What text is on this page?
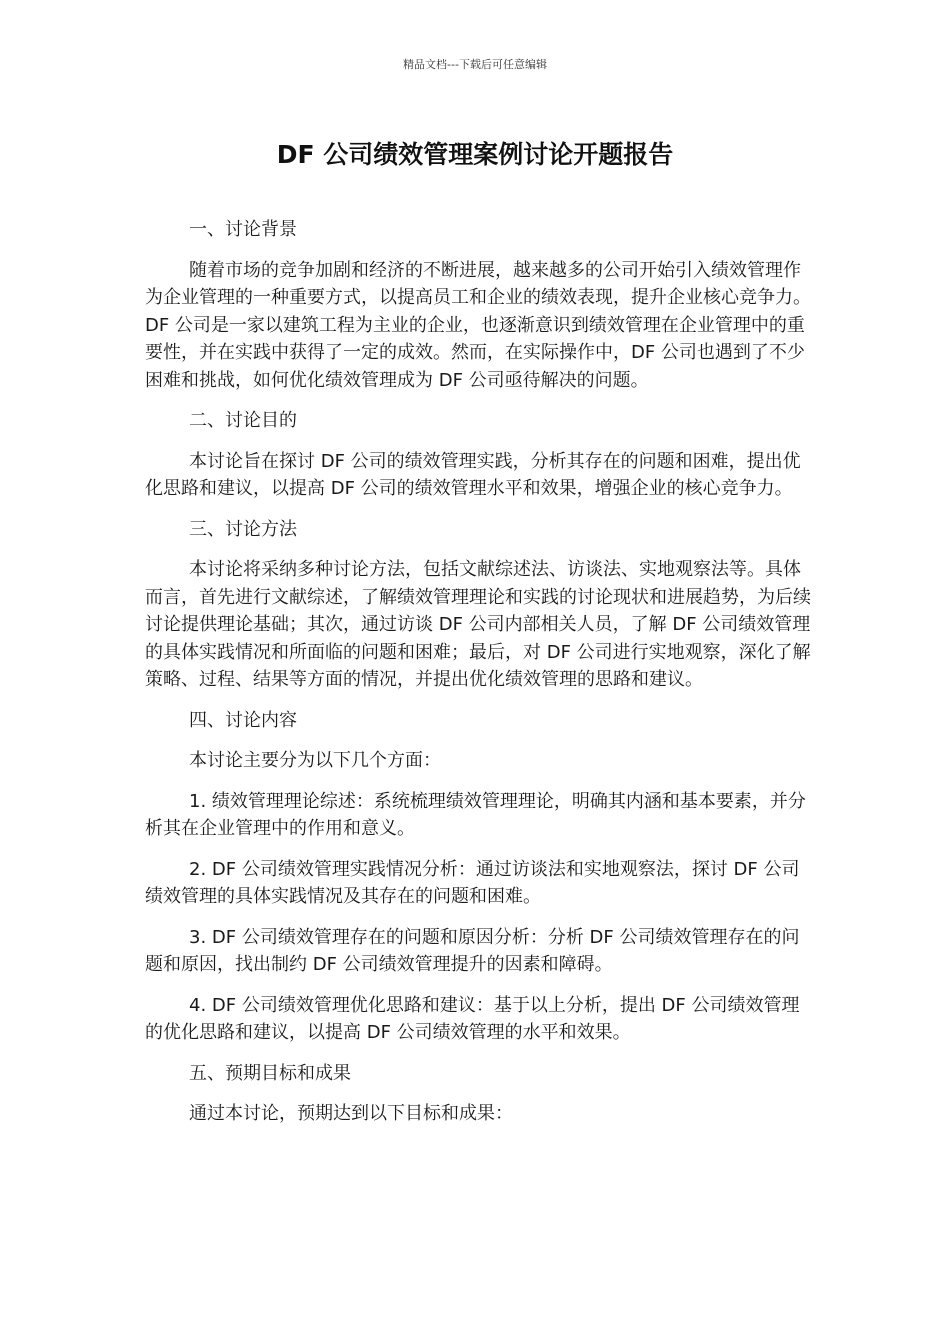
精品文档---下载后可任意编辑
DF 公司绩效管理案例讨论开题报告

一、讨论背景

随着市场的竞争加剧和经济的不断进展，越来越多的公司开始引入绩效管理作为企业管理的一种重要方式，以提高员工和企业的绩效表现，提升企业核心竞争力。DF 公司是一家以建筑工程为主业的企业，也逐渐意识到绩效管理在企业管理中的重要性，并在实践中获得了一定的成效。然而，在实际操作中，DF 公司也遇到了不少困难和挑战，如何优化绩效管理成为 DF 公司亟待解决的问题。

二、讨论目的

本讨论旨在探讨 DF 公司的绩效管理实践，分析其存在的问题和困难，提出优化思路和建议，以提高 DF 公司的绩效管理水平和效果，增强企业的核心竞争力。

三、讨论方法

本讨论将采纳多种讨论方法，包括文献综述法、访谈法、实地观察法等。具体而言，首先进行文献综述，了解绩效管理理论和实践的讨论现状和进展趋势，为后续讨论提供理论基础；其次，通过访谈 DF 公司内部相关人员，了解 DF 公司绩效管理的具体实践情况和所面临的问题和困难；最后，对 DF 公司进行实地观察，深化了解策略、过程、结果等方面的情况，并提出优化绩效管理的思路和建议。

四、讨论内容

本讨论主要分为以下几个方面：

1. 绩效管理理论综述：系统梳理绩效管理理论，明确其内涵和基本要素，并分析其在企业管理中的作用和意义。

2. DF 公司绩效管理实践情况分析：通过访谈法和实地观察法，探讨 DF 公司绩效管理的具体实践情况及其存在的问题和困难。

3. DF 公司绩效管理存在的问题和原因分析：分析 DF 公司绩效管理存在的问题和原因，找出制约 DF 公司绩效管理提升的因素和障碍。

4. DF 公司绩效管理优化思路和建议：基于以上分析，提出 DF 公司绩效管理的优化思路和建议，以提高 DF 公司绩效管理的水平和效果。

五、预期目标和成果

通过本讨论，预期达到以下目标和成果：
